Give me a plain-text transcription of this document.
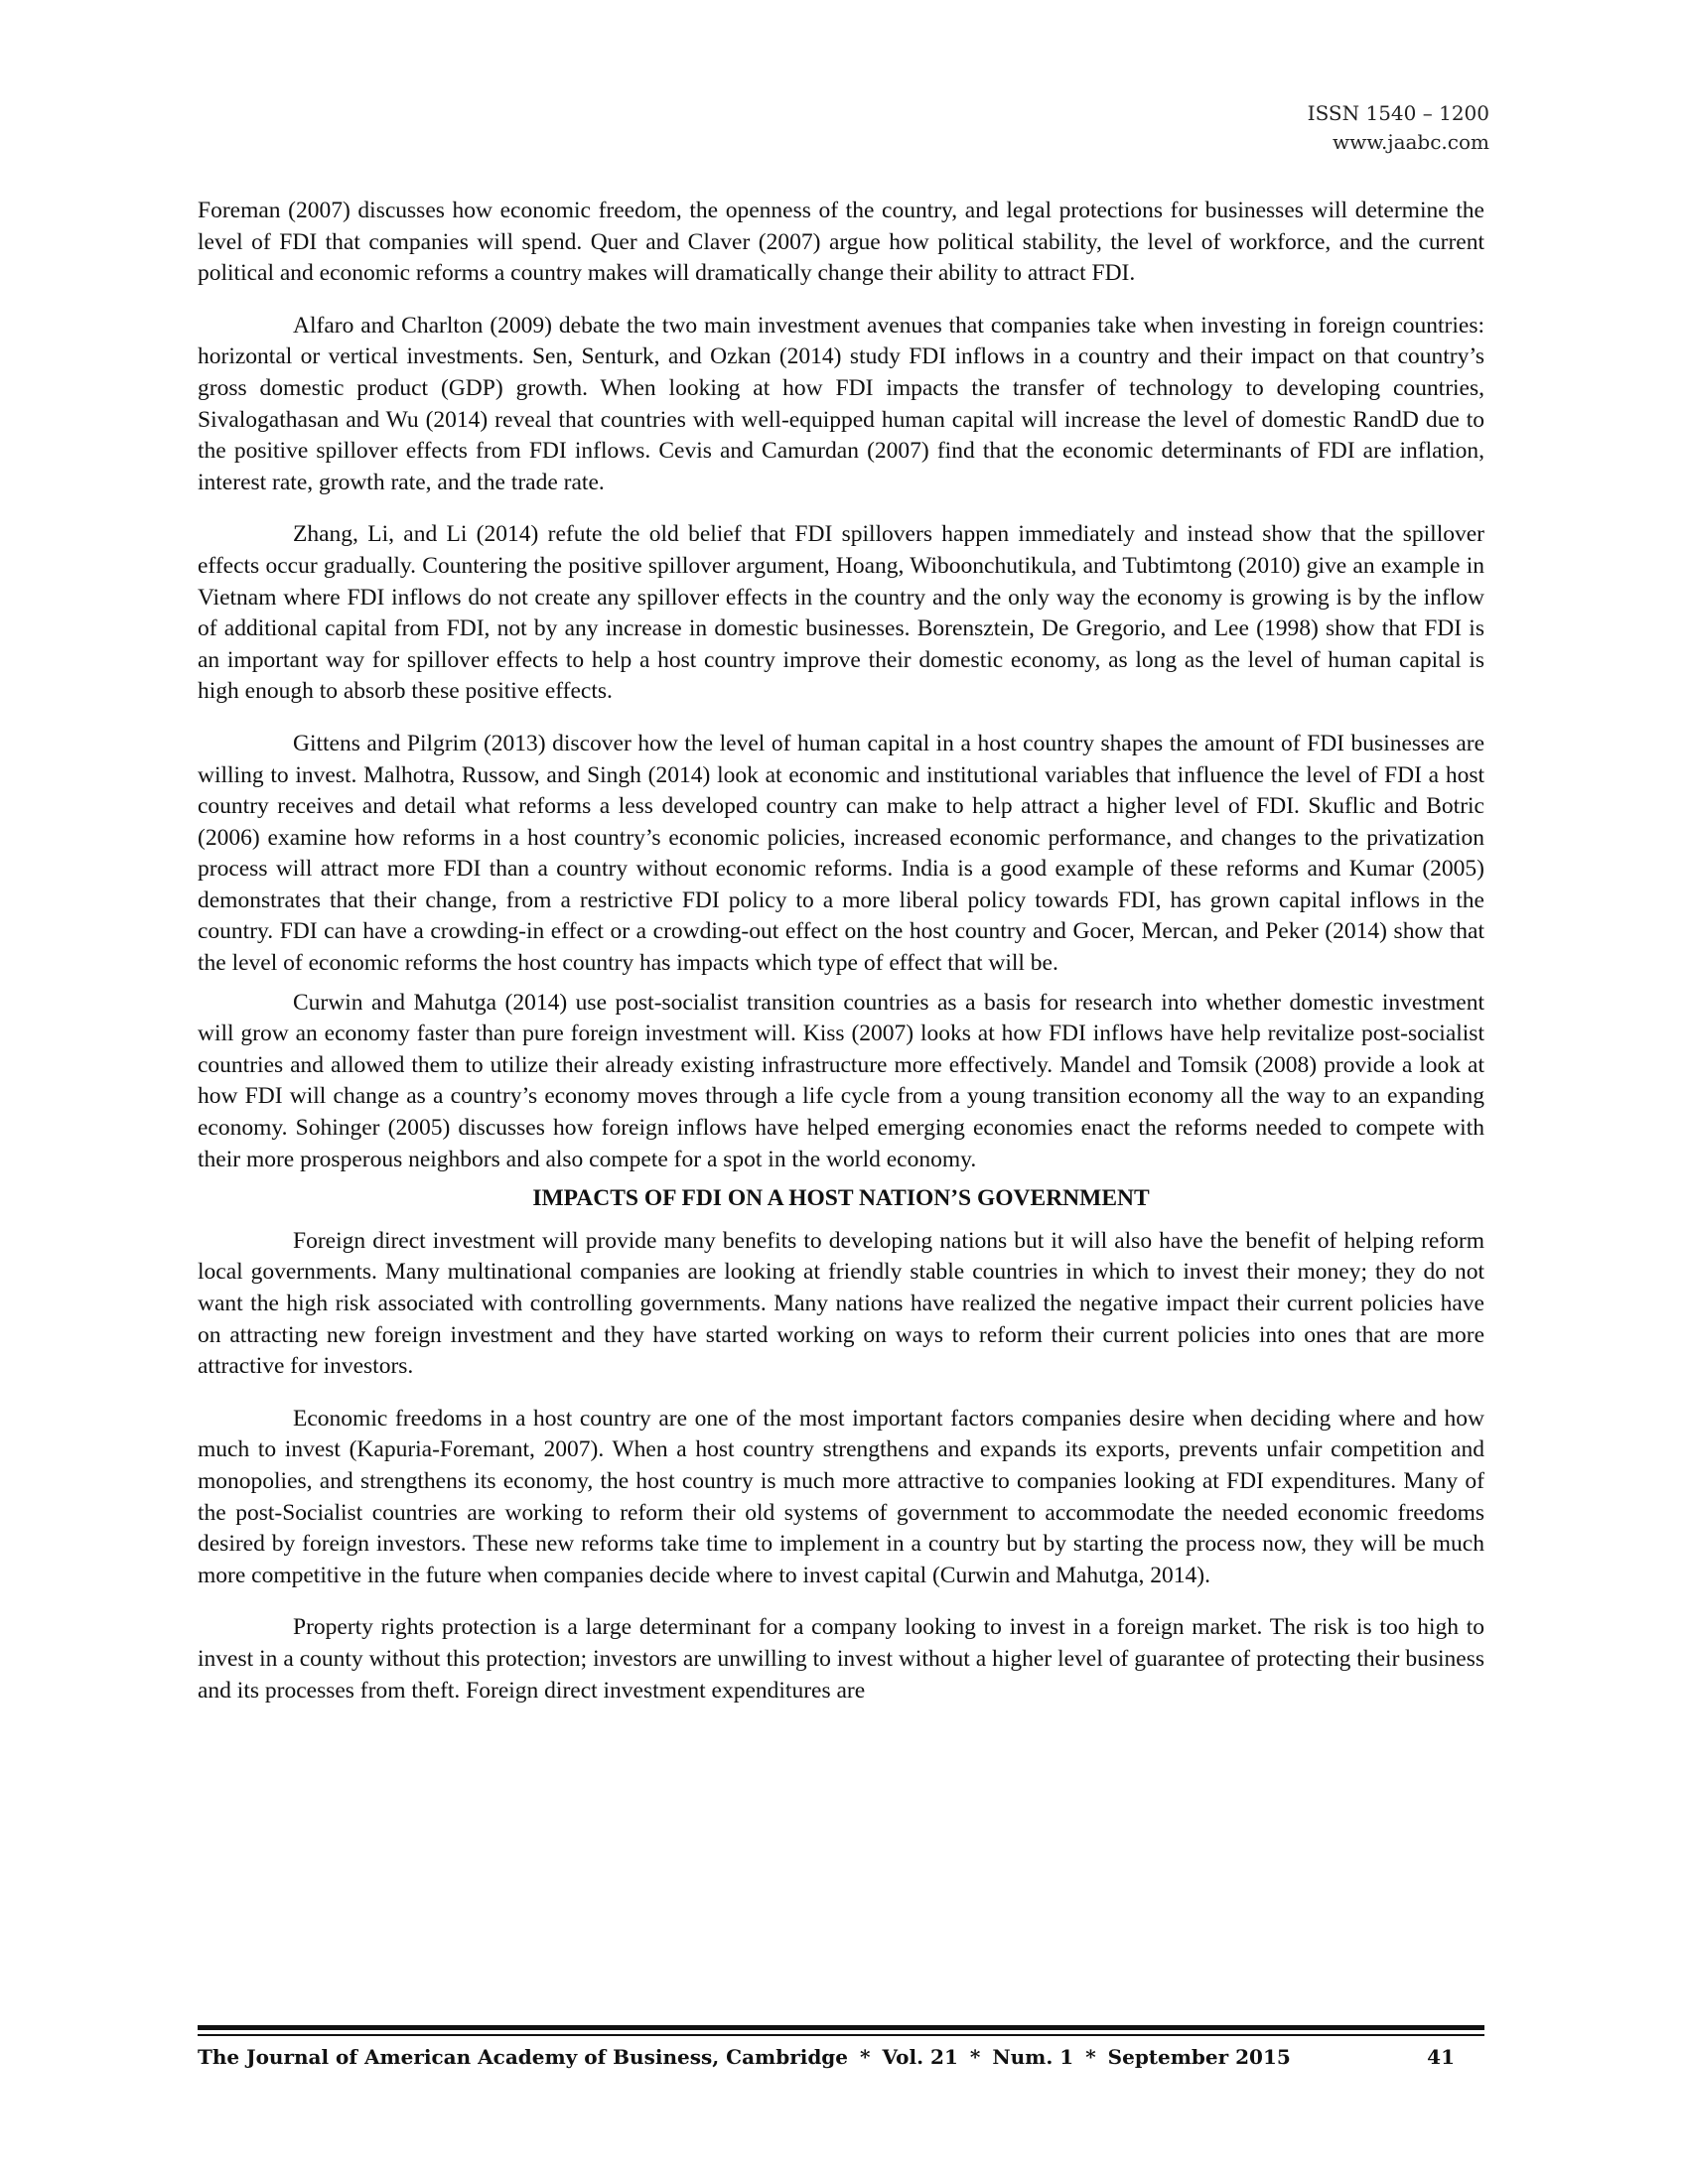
ISSN 1540 – 1200
www.jaabc.com

Foreman (2007) discusses how economic freedom, the openness of the country, and legal protections for businesses will determine the level of FDI that companies will spend. Quer and Claver (2007) argue how political stability, the level of workforce, and the current political and economic reforms a country makes will dramatically change their ability to attract FDI.

Alfaro and Charlton (2009) debate the two main investment avenues that companies take when investing in foreign countries: horizontal or vertical investments. Sen, Senturk, and Ozkan (2014) study FDI inflows in a country and their impact on that country’s gross domestic product (GDP) growth. When looking at how FDI impacts the transfer of technology to developing countries, Sivalogathasan and Wu (2014) reveal that countries with well-equipped human capital will increase the level of domestic RandD due to the positive spillover effects from FDI inflows. Cevis and Camurdan (2007) find that the economic determinants of FDI are inflation, interest rate, growth rate, and the trade rate.

Zhang, Li, and Li (2014) refute the old belief that FDI spillovers happen immediately and instead show that the spillover effects occur gradually. Countering the positive spillover argument, Hoang, Wiboonchutikula, and Tubtimtong (2010) give an example in Vietnam where FDI inflows do not create any spillover effects in the country and the only way the economy is growing is by the inflow of additional capital from FDI, not by any increase in domestic businesses. Borensztein, De Gregorio, and Lee (1998) show that FDI is an important way for spillover effects to help a host country improve their domestic economy, as long as the level of human capital is high enough to absorb these positive effects.

Gittens and Pilgrim (2013) discover how the level of human capital in a host country shapes the amount of FDI businesses are willing to invest. Malhotra, Russow, and Singh (2014) look at economic and institutional variables that influence the level of FDI a host country receives and detail what reforms a less developed country can make to help attract a higher level of FDI. Skuflic and Botric (2006) examine how reforms in a host country’s economic policies, increased economic performance, and changes to the privatization process will attract more FDI than a country without economic reforms. India is a good example of these reforms and Kumar (2005) demonstrates that their change, from a restrictive FDI policy to a more liberal policy towards FDI, has grown capital inflows in the country. FDI can have a crowding-in effect or a crowding-out effect on the host country and Gocer, Mercan, and Peker (2014) show that the level of economic reforms the host country has impacts which type of effect that will be.

Curwin and Mahutga (2014) use post-socialist transition countries as a basis for research into whether domestic investment will grow an economy faster than pure foreign investment will. Kiss (2007) looks at how FDI inflows have help revitalize post-socialist countries and allowed them to utilize their already existing infrastructure more effectively. Mandel and Tomsik (2008) provide a look at how FDI will change as a country’s economy moves through a life cycle from a young transition economy all the way to an expanding economy. Sohinger (2005) discusses how foreign inflows have helped emerging economies enact the reforms needed to compete with their more prosperous neighbors and also compete for a spot in the world economy.

IMPACTS OF FDI ON A HOST NATION’S GOVERNMENT

Foreign direct investment will provide many benefits to developing nations but it will also have the benefit of helping reform local governments. Many multinational companies are looking at friendly stable countries in which to invest their money; they do not want the high risk associated with controlling governments. Many nations have realized the negative impact their current policies have on attracting new foreign investment and they have started working on ways to reform their current policies into ones that are more attractive for investors.

Economic freedoms in a host country are one of the most important factors companies desire when deciding where and how much to invest (Kapuria-Foremant, 2007). When a host country strengthens and expands its exports, prevents unfair competition and monopolies, and strengthens its economy, the host country is much more attractive to companies looking at FDI expenditures. Many of the post-Socialist countries are working to reform their old systems of government to accommodate the needed economic freedoms desired by foreign investors. These new reforms take time to implement in a country but by starting the process now, they will be much more competitive in the future when companies decide where to invest capital (Curwin and Mahutga, 2014).

Property rights protection is a large determinant for a company looking to invest in a foreign market. The risk is too high to invest in a county without this protection; investors are unwilling to invest without a higher level of guarantee of protecting their business and its processes from theft. Foreign direct investment expenditures are

The Journal of American Academy of Business, Cambridge * Vol. 21 * Num. 1 * September 2015	41
